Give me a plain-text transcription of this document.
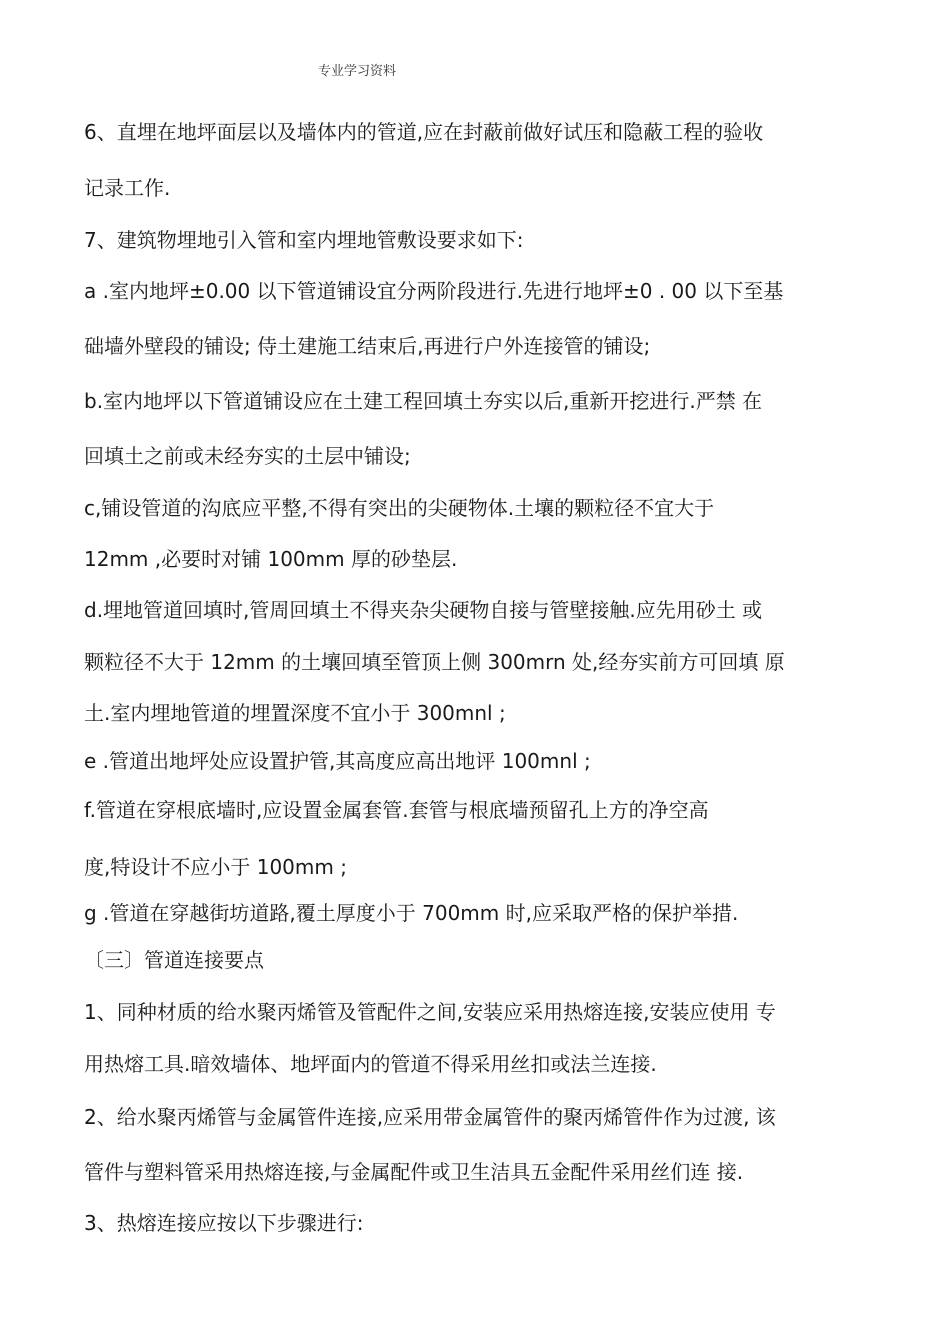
专业学习资料
6、直埋在地坪面层以及墙体内的管道,应在封蔽前做好试压和隐蔽工程的验收
记录工作.
7、建筑物埋地引入管和室内埋地管敷设要求如下:
a .室内地坪±0.00 以下管道铺设宜分两阶段进行.先进行地坪±0 . 00 以下至基
础墙外壁段的铺设; 侍土建施工结束后,再进行户外连接管的铺设;
b.室内地坪以下管道铺设应在土建工程回填土夯实以后,重新开挖进行.严禁 在
回填土之前或未经夯实的土层中铺设;
c,铺设管道的沟底应平整,不得有突出的尖硬物体.土壤的颗粒径不宜大于
12mm ,必要时对铺 100mm 厚的砂垫层.
d.埋地管道回填时,管周回填土不得夹杂尖硬物自接与管壁接触.应先用砂土 或
颗粒径不大于 12mm 的土壤回填至管顶上侧 300mrn 处,经夯实前方可回填 原
土.室内埋地管道的埋置深度不宜小于 300mnl ;
e .管道出地坪处应设置护管,其高度应高出地评 100mnl ;
f.管道在穿根底墙时,应设置金属套管.套管与根底墙预留孔上方的净空高
度,特设计不应小于 100mm ;
g .管道在穿越街坊道路,覆土厚度小于 700mm 时,应采取严格的保护举措.
〔三〕管道连接要点
1、同种材质的给水聚丙烯管及管配件之间,安装应采用热熔连接,安装应使用 专
用热熔工具.暗效墙体、地坪面内的管道不得采用丝扣或法兰连接.
2、给水聚丙烯管与金属管件连接,应采用带金属管件的聚丙烯管件作为过渡, 该
管件与塑料管采用热熔连接,与金属配件或卫生洁具五金配件采用丝们连 接.
3、热熔连接应按以下步骤进行:
